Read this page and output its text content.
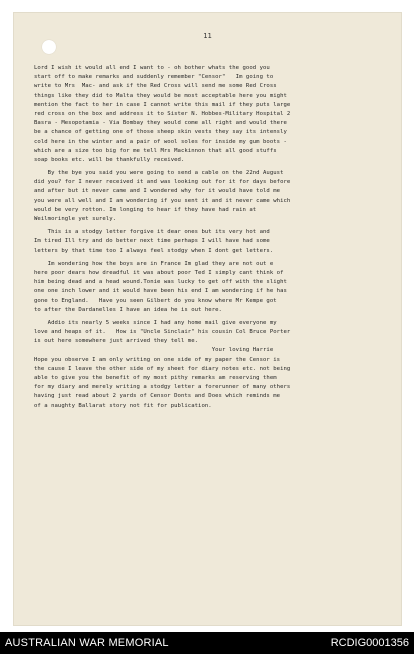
11
Lord I wish it would all end I want to - oh bother whats the good you
start off to make remarks and suddenly remember "Censor"   Im going to
write to Mrs  Mac- and ask if the Red Cross will send me some Red Cross
things like they did to Malta they would be most acceptable here you might
mention the fact to her in case I cannot write this mail if they puts large
red cross on the box and address it to Sister N. Hobbes-Military Hospital 2
Basra - Mesopotamia - Via Bombay they would come all right and would there
be a chance of getting one of those sheep skin vests they say its intensly
cold here in the winter and a pair of wool soles for inside my gum boots -
which are a size too big for me tell Mrs Mackinnon that all good stuffs
soap books etc. will be thankfully received.
By the bye you said you were going to send a cable on the 22nd August
did you? for I never received it and was looking out for it for days before
and after but it never came and I wondered why for it would have told me
you were all well and I am wondering if you sent it and it never came which
would be very rotton. Im longing to hear if they have had rain at
Weilmoringle yet surely.
This is a stodgy letter forgive it dear ones but its very hot and
Im tired Ill try and do better next time perhaps I will have had some
letters by that time too I always feel stodgy when I dont get letters.
Im wondering how the boys are in France Im glad they are not out e
here poor dears how dreadful it was about poor Ted I simply cant think of
him being dead and a head wound.Tonie was lucky to get off with the slight
one one inch lower and it would have been his end I am wondering if he has
gone to England.   Have you seen Gilbert do you know where Mr Kempe got
to after the Dardanelles I have an idea he is out here.
Addio its nearly 5 weeks since I had any home mail give everyone my
love and heaps of it.   How is "Uncle Sinclair" his cousin Col Bruce Porter
is out here somewhere just arrived they tell me.
Your loving Harrie
Hope you observe I am only writing on one side of my paper the Censor is
the cause I leave the other side of my sheet for diary notes etc. not being
able to give you the benefit of my most pithy remarks am reserving them
for my diary and merely writing a stodgy letter a forerunner of many others
having just read about 2 yards of Censor Donts and Does which reminds me
of a naughty Ballarat story not fit for publication.
AUSTRALIAN WAR MEMORIAL	RCDIG0001356
